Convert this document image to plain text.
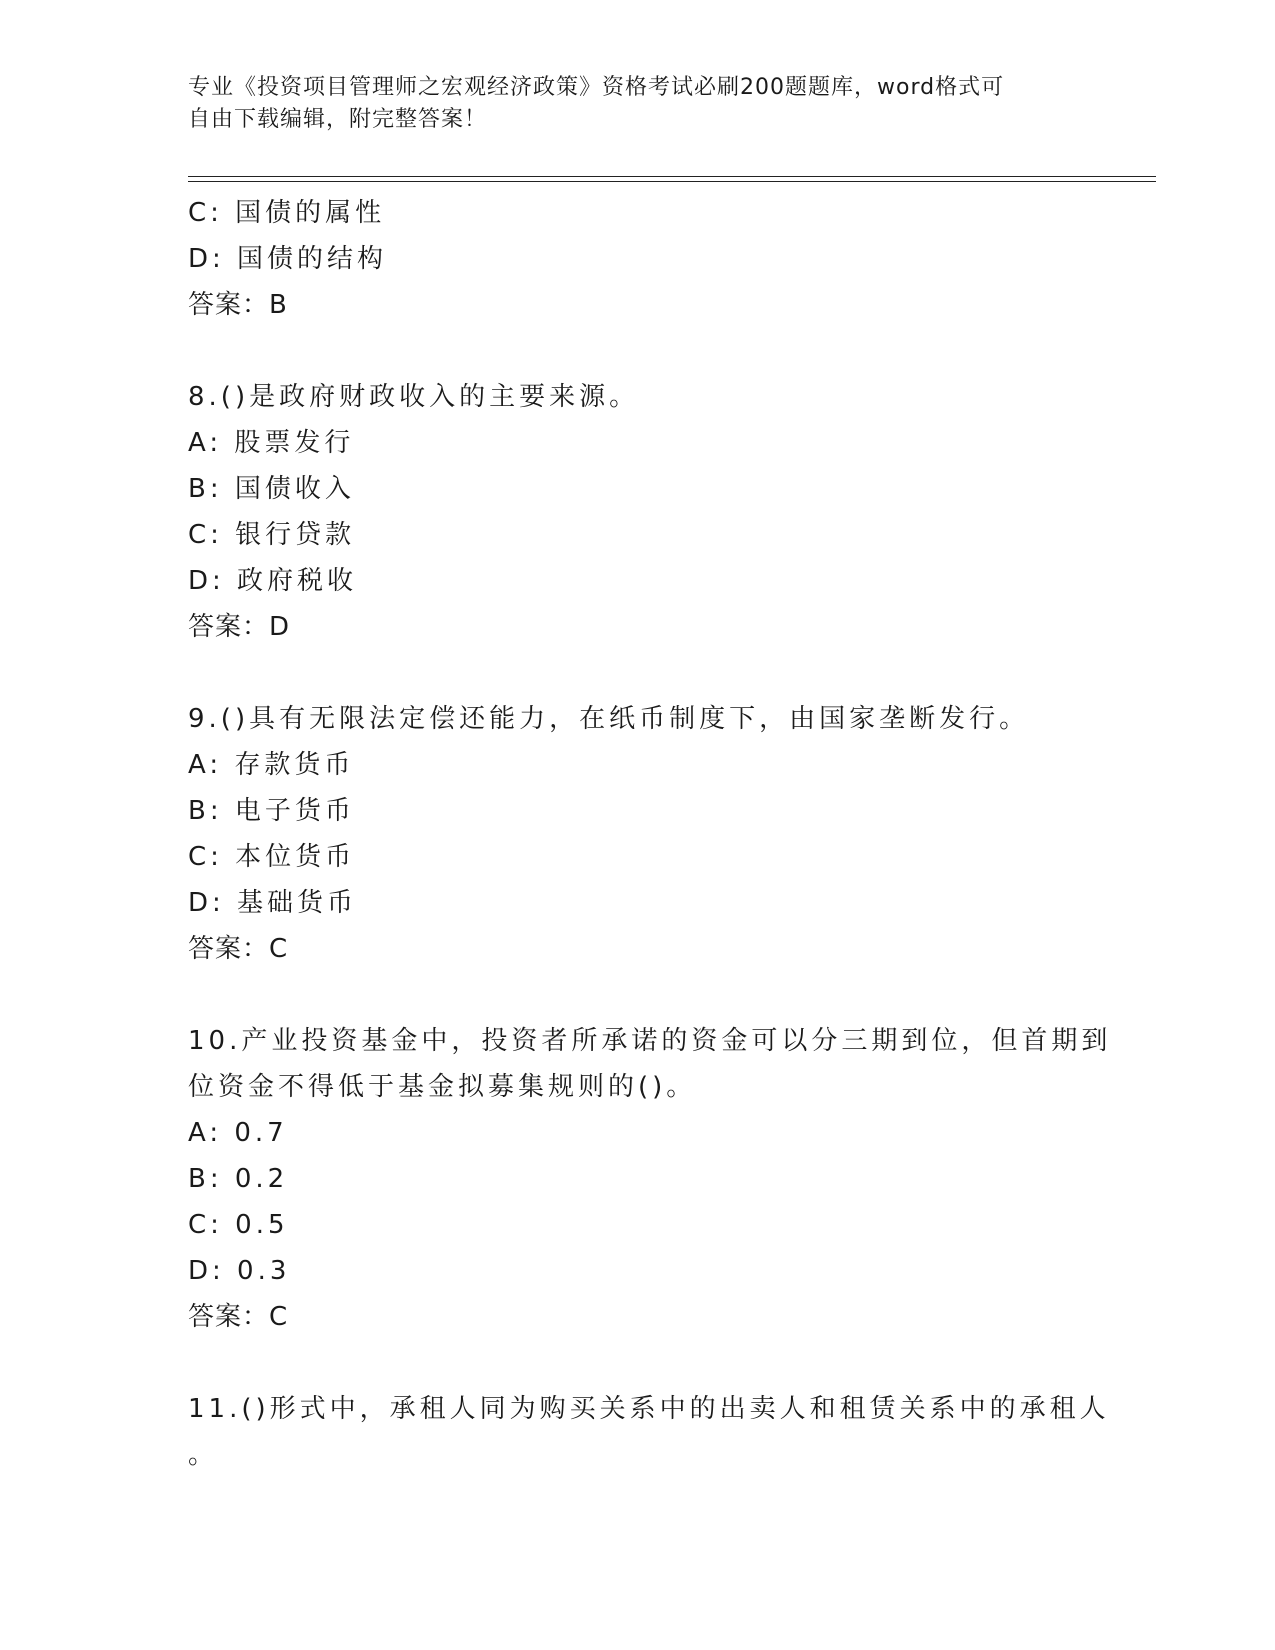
专业《投资项目管理师之宏观经济政策》资格考试必刷200题题库，word格式可
自由下载编辑，附完整答案！
C: 国债的属性
D: 国债的结构
答案：B
8.()是政府财政收入的主要来源。
A: 股票发行
B: 国债收入
C: 银行贷款
D: 政府税收
答案：D
9.()具有无限法定偿还能力，在纸币制度下，由国家垄断发行。
A: 存款货币
B: 电子货币
C: 本位货币
D: 基础货币
答案：C
10.产业投资基金中，投资者所承诺的资金可以分三期到位，但首期到
位资金不得低于基金拟募集规则的()。
A: 0.7
B: 0.2
C: 0.5
D: 0.3
答案：C
11.()形式中，承租人同为购买关系中的出卖人和租赁关系中的承租人
。
